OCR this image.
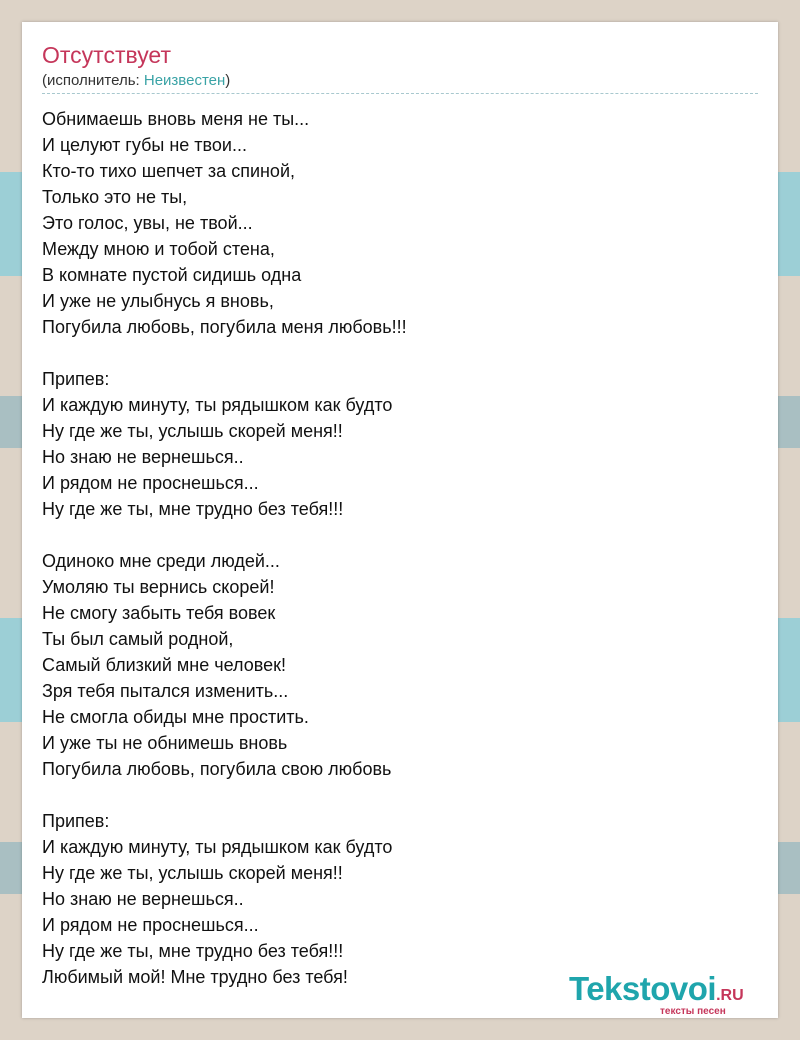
Отсутствует
(исполнитель: Неизвестен)
Обнимаешь вновь меня не ты...
И целуют губы не твои...
Кто-то тихо шепчет за спиной,
Только это не ты,
Это голос, увы, не твой...
Между мною и тобой стена,
В комнате пустой сидишь одна
И уже не улыбнусь я вновь,
Погубила любовь, погубила меня любовь!!!
Припев:
И каждую минуту, ты рядышком как будто
Ну где же ты, услышь скорей меня!!
Но знаю не вернешься..
И рядом не проснешься...
Ну где же ты, мне трудно без тебя!!!
Одиноко мне среди людей...
Умоляю ты вернись скорей!
Не смогу забыть тебя вовек
Ты был самый родной,
Самый близкий мне человек!
Зря тебя пытался изменить...
Не смогла обиды мне простить.
И уже ты не обнимешь вновь
Погубила любовь, погубила свою любовь
Припев:
И каждую минуту, ты рядышком как будто
Ну где же ты, услышь скорей меня!!
Но знаю не вернешься..
И рядом не проснешься...
Ну где же ты, мне трудно без тебя!!!
Любимый мой! Мне трудно без тебя!	Tekstovoi.RU
тексты песен
